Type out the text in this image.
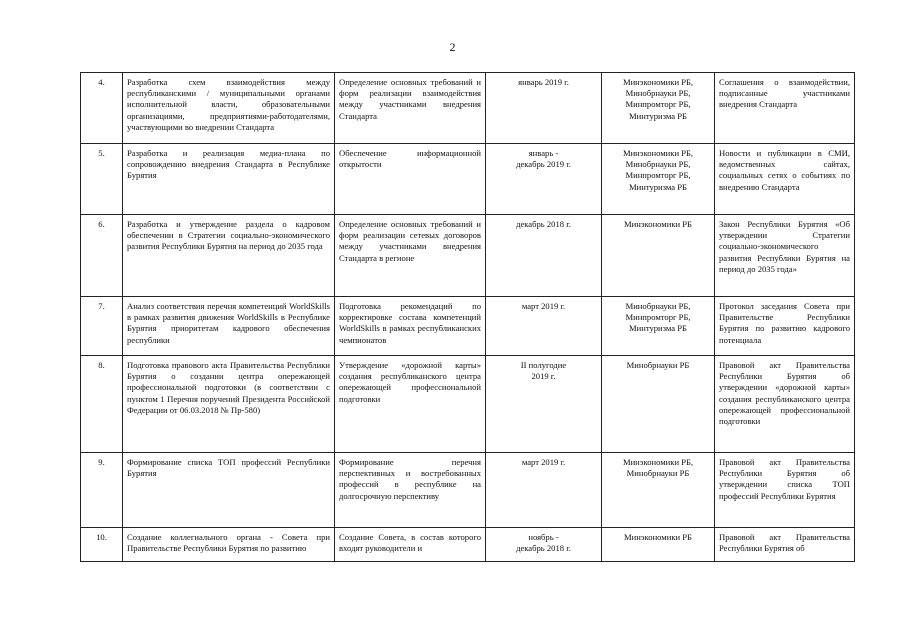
2
4.	Разработка схем взаимодействия между республиканскими / муниципальными органами исполнительной власти, образовательными организациями, предприятиями-работодателями, участвующими во внедрении Стандарта	Определение основных требований и форм реализации взаимодействия между участниками внедрения Стандарта	январь 2019 г.	Минэкономики РБ,
Минобрнауки РБ,
Минпромторг РБ,
Минтуризма РБ	Соглашения о взаимодействии, подписанные участниками внедрения Стандарта
5.	Разработка и реализация медиа-плана по сопровождению внедрения Стандарта в Республике Бурятия	Обеспечение информационной открытости	январь -
декабрь 2019 г.	Минэкономики РБ,
Минобрнауки РБ,
Минпромторг РБ,
Минтуризма РБ	Новости и публикации в СМИ, ведомственных сайтах, социальных сетях о событиях по внедрению Стандарта
6.	Разработка и утверждение раздела о кадровом обеспечении в Стратегии социально-экономического развития Республики Бурятия на период до 2035 года	Определение основных требований и форм реализации сетевых договоров между участниками внедрения Стандарта в регионе	декабрь 2018 г.	Минэкономики РБ	Закон Республики Бурятия «Об утверждении Стратегии социально-экономического развития Республики Бурятия на период до 2035 года»
7.	Анализ соответствия перечня компетенций WorldSkills в рамках развития движения WorldSkills в Республике Бурятия приоритетам кадрового обеспечения республики	Подготовка рекомендаций по корректировке состава компетенций WorldSkills в рамках республиканских чемпионатов	март 2019 г.	Минобрнауки РБ,
Минпромторг РБ,
Минтуризма РБ	Протокол заседания Совета при Правительстве Республики Бурятия по развитию кадрового потенциала
8.	Подготовка правового акта Правительства Республики Бурятия о создании центра опережающей профессиональной подготовки (в соответствии с пунктом 1 Перечня поручений Президента Российской Федерации от 06.03.2018 № Пр-580)	Утверждение «дорожной карты» создания республиканского центра опережающей профессиональной подготовки	II полугодие
2019 г.	Минобрнауки РБ	Правовой акт Правительства Республики Бурятия об утверждении «дорожной карты» создания республиканского центра опережающей профессиональной подготовки
9.	Формирование списка ТОП профессий Республики Бурятия	Формирование перечня перспективных и востребованных профессий в республике на долгосрочную перспективу	март 2019 г.	Минэкономики РБ,
Минобрнауки РБ	Правовой акт Правительства Республики Бурятия об утверждении списка ТОП профессий Республики Бурятия
10.	Создание коллегиального органа - Совета при Правительстве Республики Бурятия по развитию	Создание Совета, в состав которого входят руководители и	ноябрь -
декабрь 2018 г.	Минэкономики РБ	Правовой акт Правительства Республики Бурятия об
